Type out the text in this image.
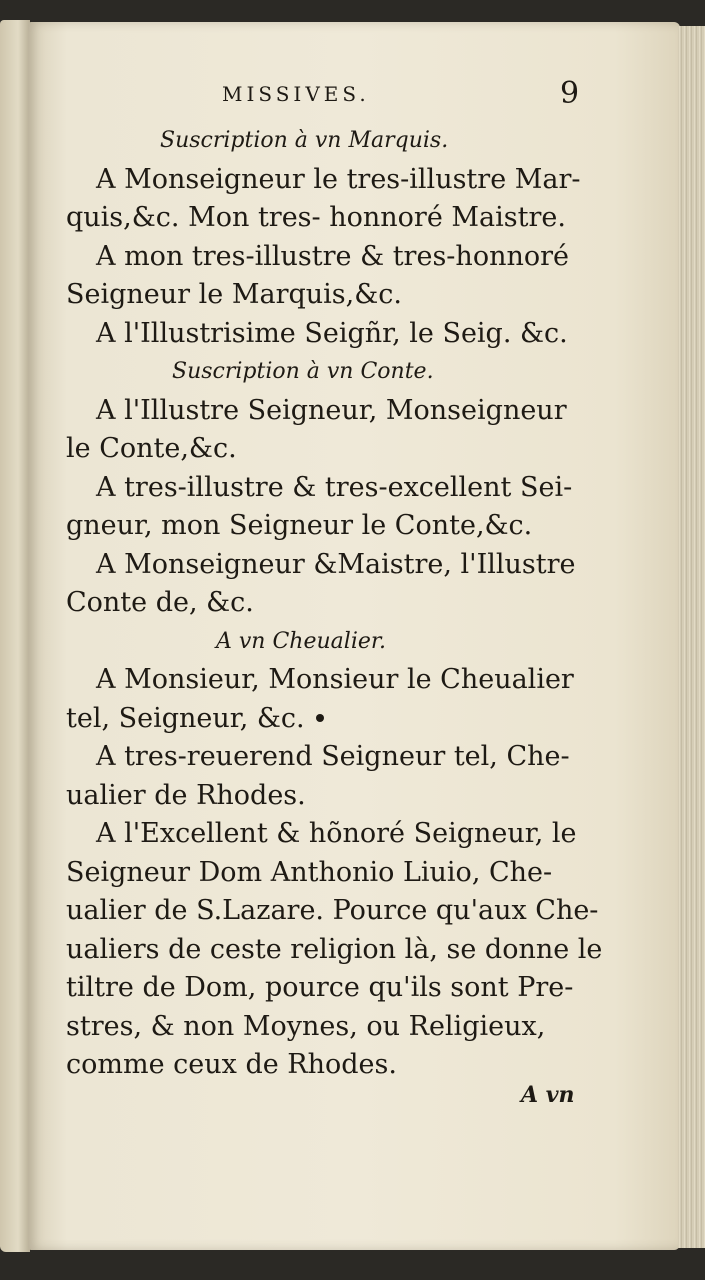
MISSIVES.	9
Suscription à vn Marquis.
A Monseigneur le tres-illustre Mar-
quis,&c. Mon tres- honnoré Maistre.
A mon tres-illustre & tres-honnoré
Seigneur le Marquis,&c.
A l'Illustrisime Seigñr, le Seig. &c.
Suscription à vn Conte.
A l'Illustre Seigneur, Monseigneur
le Conte,&c.
A tres-illustre & tres-excellent Sei-
gneur, mon Seigneur le Conte,&c.
A Monseigneur &Maistre, l'Illustre
Conte de, &c.
A vn Cheualier.
A Monsieur, Monsieur le Cheualier
tel, Seigneur, &c.
A tres-reuerend Seigneur tel, Che-
ualier de Rhodes.
A l'Excellent & hõnoré Seigneur, le
Seigneur Dom Anthonio Liuio, Che-
ualier de S.Lazare. Pource qu'aux Che-
ualiers de ceste religion là, se donne le
tiltre de Dom, pource qu'ils sont Pre-
stres, & non Moynes, ou Religieux,
comme ceux de Rhodes.
A vn
